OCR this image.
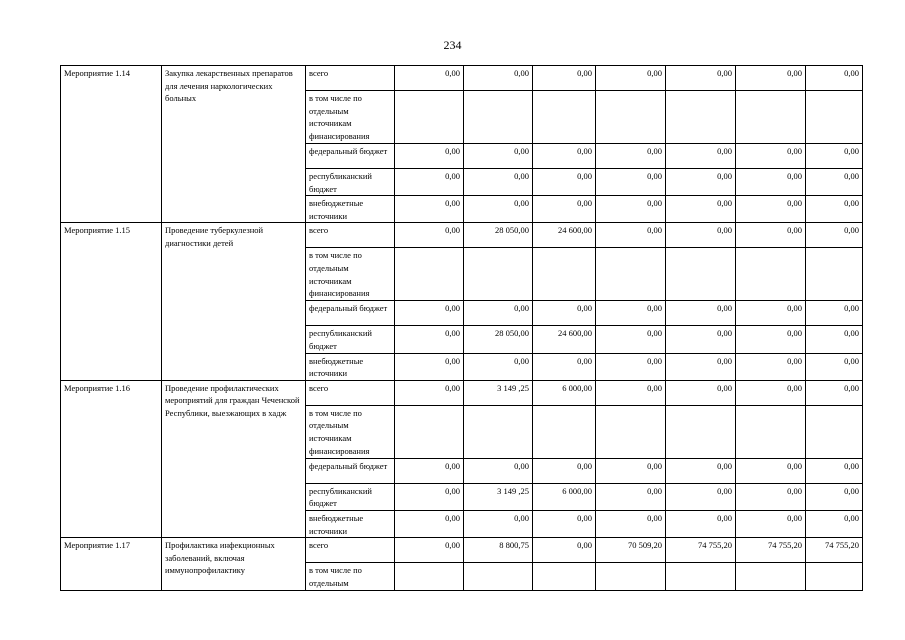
234
Мероприятие 1.14	Закупка лекарственных препаратов для лечения наркологических больных	всего	0,00	0,00	0,00	0,00	0,00	0,00	0,00
		в том числе по отдельным источникам финансирования							
		федеральный бюджет	0,00	0,00	0,00	0,00	0,00	0,00	0,00
		республиканский бюджет	0,00	0,00	0,00	0,00	0,00	0,00	0,00
		внебюджетные источники	0,00	0,00	0,00	0,00	0,00	0,00	0,00
Мероприятие 1.15	Проведение туберкулезной диагностики детей	всего	0,00	28 050,00	24 600,00	0,00	0,00	0,00	0,00
		в том числе по отдельным источникам финансирования							
		федеральный бюджет	0,00	0,00	0,00	0,00	0,00	0,00	0,00
		республиканский бюджет	0,00	28 050,00	24 600,00	0,00	0,00	0,00	0,00
		внебюджетные источники	0,00	0,00	0,00	0,00	0,00	0,00	0,00
Мероприятие 1.16	Проведение профилактических мероприятий для граждан Чеченской Республики, выезжающих в хадж	всего	0,00	3 149 ,25	6 000,00	0,00	0,00	0,00	0,00
		в том числе по отдельным источникам финансирования							
		федеральный бюджет	0,00	0,00	0,00	0,00	0,00	0,00	0,00
		республиканский бюджет	0,00	3 149 ,25	6 000,00	0,00	0,00	0,00	0,00
		внебюджетные источники	0,00	0,00	0,00	0,00	0,00	0,00	0,00
Мероприятие 1.17	Профилактика инфекционных заболеваний, включая иммунопрофилактику	всего	0,00	8 800,75	0,00	70 509,20	74 755,20	74 755,20	74 755,20
		в том числе по отдельным							
